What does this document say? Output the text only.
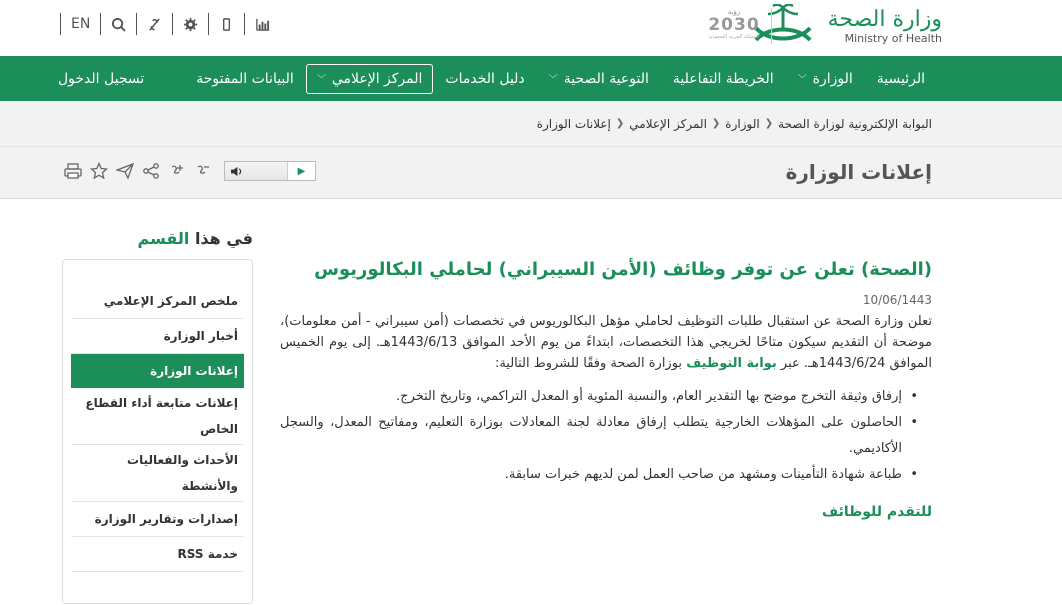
وزارة الصحة
Ministry of Health
رؤية
2030
المملكة العربية السعودية
EN
الرئيسية
الوزارة
﹀
الخريطة التفاعلية
التوعية الصحية
﹀
دليل الخدمات
المركز الإعلامي
﹀
البيانات المفتوحة
تسجيل الدخول
البوابة الإلكترونية لوزارة الصحة
❮
الوزارة
❮
المركز الإعلامي
❮
إعلانات الوزارة
إعلانات الوزارة
▶
(الصحة) تعلن عن توفر وظائف (الأمن السيبراني) لحاملي البكالوريوس
10/06/1443
تعلن وزارة الصحة عن استقبال طلبات التوظيف لحاملي مؤهل البكالوريوس في تخصصات (أمن سيبراني - أمن معلومات)، موضحة أن التقديم سيكون متاحًا لخريجي هذا التخصصات، ابتداءً من يوم الأحد الموافق 1443/6/13هـ. إلى يوم الخميس الموافق 1443/6/24هـ. عبر بوابة التوظيف بوزارة الصحة وفقًا للشروط التالية:
• إرفاق وثيقة التخرج موضح بها التقدير العام، والنسبة المئوية أو المعدل التراكمي، وتاريخ التخرج.
• الحاصلون على المؤهلات الخارجية يتطلب إرفاق معادلة لجنة المعادلات بوزارة التعليم، ومفاتيح المعدل، والسجل الأكاديمي.
• طباعة شهادة التأمينات ومشهد من صاحب العمل لمن لديهم خبرات سابقة.
للتقدم للوظائف
في هذا القسم
ملخص المركز الإعلامي
أخبار الوزارة
إعلانات الوزارة
إعلانات متابعة أداء القطاع الخاص
الأحداث والفعاليات والأنشطة
إصدارات وتقارير الوزارة
خدمة RSS
